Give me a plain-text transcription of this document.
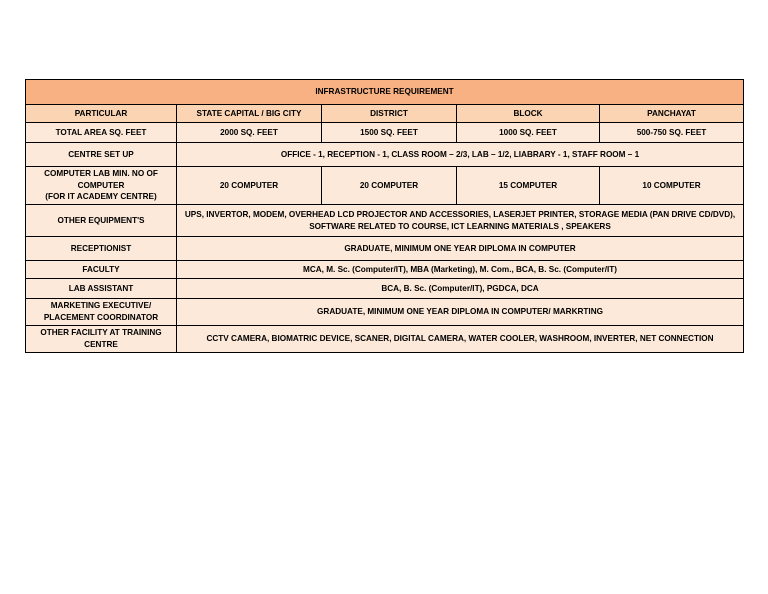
INFRASTRUCTURE REQUIREMENT				
PARTICULAR	STATE CAPITAL / BIG CITY	DISTRICT	BLOCK	PANCHAYAT
TOTAL AREA SQ. FEET	2000 SQ. FEET	1500 SQ. FEET	1000 SQ. FEET	500-750 SQ. FEET
CENTRE SET UP	OFFICE - 1, RECEPTION - 1, CLASS ROOM – 2/3, LAB – 1/2, LIABRARY - 1, STAFF ROOM – 1			

COMPUTER LAB MIN. NO OF
COMPUTER
(FOR IT ACADEMY CENTRE)	20 COMPUTER	20 COMPUTER	15 COMPUTER	10 COMPUTER
OTHER EQUIPMENT'S	UPS, INVERTOR, MODEM, OVERHEAD LCD PROJECTOR AND ACCESSORIES, LASERJET PRINTER, STORAGE MEDIA (PAN DRIVE CD/DVD),
SOFTWARE RELATED TO COURSE, ICT LEARNING MATERIALS , SPEAKERS			

RECEPTIONIST	GRADUATE, MINIMUM ONE YEAR DIPLOMA IN COMPUTER			
FACULTY	MCA, M. Sc. (Computer/IT), MBA (Marketing), M. Com., BCA, B. Sc. (Computer/IT)			
LAB ASSISTANT	BCA, B. Sc. (Computer/IT), PGDCA, DCA			

MARKETING EXECUTIVE/
PLACEMENT COORDINATOR	GRADUATE, MINIMUM ONE YEAR DIPLOMA IN COMPUTER/ MARKRTING			

OTHER FACILITY AT TRAINING
CENTRE	CCTV CAMERA, BIOMATRIC DEVICE, SCANER, DIGITAL CAMERA, WATER COOLER, WASHROOM, INVERTER, NET CONNECTION			
